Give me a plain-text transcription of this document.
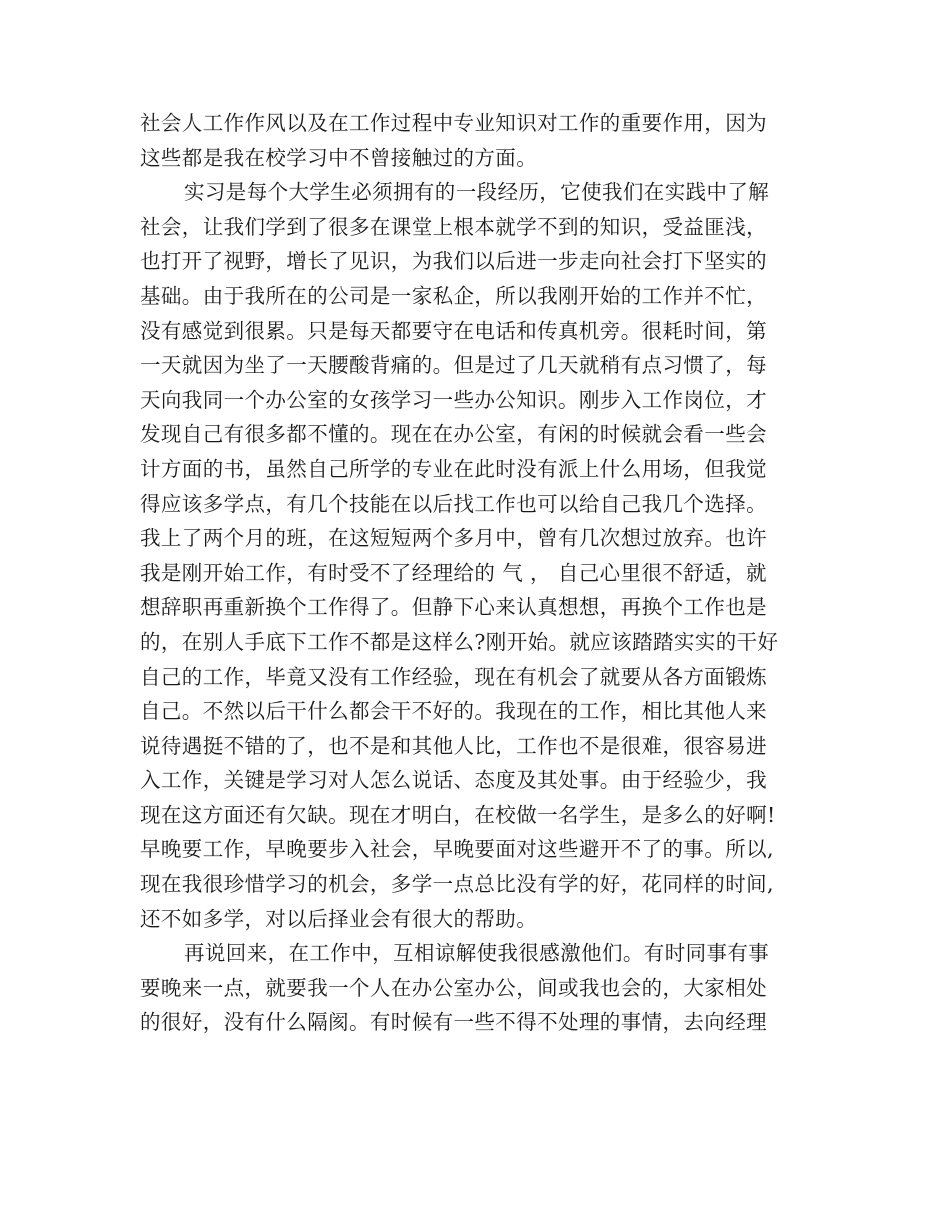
社会人工作作风以及在工作过程中专业知识对工作的重要作用，因为
这些都是我在校学习中不曾接触过的方面。
实习是每个大学生必须拥有的一段经历，它使我们在实践中了解
社会，让我们学到了很多在课堂上根本就学不到的知识，受益匪浅，
也打开了视野，增长了见识，为我们以后进一步走向社会打下坚实的
基础。由于我所在的公司是一家私企，所以我刚开始的工作并不忙，
没有感觉到很累。只是每天都要守在电话和传真机旁。很耗时间，第
一天就因为坐了一天腰酸背痛的。但是过了几天就稍有点习惯了，每
天向我同一个办公室的女孩学习一些办公知识。刚步入工作岗位，才
发现自己有很多都不懂的。现在在办公室，有闲的时候就会看一些会
计方面的书，虽然自己所学的专业在此时没有派上什么用场，但我觉
得应该多学点，有几个技能在以后找工作也可以给自己我几个选择。
我上了两个月的班，在这短短两个多月中，曾有几次想过放弃。也许
我是刚开始工作，有时受不了经理给的 气 ， 自己心里很不舒适，就
想辞职再重新换个工作得了。但静下心来认真想想，再换个工作也是
的，在别人手底下工作不都是这样么?刚开始。就应该踏踏实实的干好
自己的工作，毕竟又没有工作经验，现在有机会了就要从各方面锻炼
自己。不然以后干什么都会干不好的。我现在的工作，相比其他人来
说待遇挺不错的了，也不是和其他人比，工作也不是很难，很容易进
入工作，关键是学习对人怎么说话、态度及其处事。由于经验少，我
现在这方面还有欠缺。现在才明白，在校做一名学生，是多么的好啊!
早晚要工作，早晚要步入社会，早晚要面对这些避开不了的事。所以,
现在我很珍惜学习的机会，多学一点总比没有学的好，花同样的时间,
还不如多学，对以后择业会有很大的帮助。
再说回来，在工作中，互相谅解使我很感激他们。有时同事有事
要晚来一点，就要我一个人在办公室办公，间或我也会的，大家相处
的很好，没有什么隔阂。有时候有一些不得不处理的事情，去向经理
